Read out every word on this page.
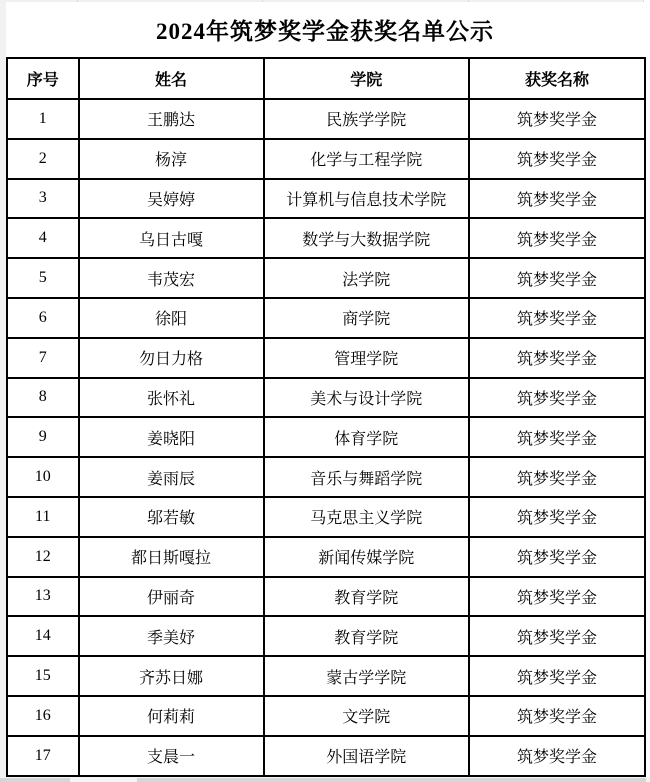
2024年筑梦奖学金获奖名单公示
序号	姓名	学院	获奖名称
1	王鹏达	民族学学院	筑梦奖学金
2	杨淳	化学与工程学院	筑梦奖学金
3	吴婷婷	计算机与信息技术学院	筑梦奖学金
4	乌日古嘎	数学与大数据学院	筑梦奖学金
5	韦茂宏	法学院	筑梦奖学金
6	徐阳	商学院	筑梦奖学金
7	勿日力格	管理学院	筑梦奖学金
8	张怀礼	美术与设计学院	筑梦奖学金
9	姜晓阳	体育学院	筑梦奖学金
10	姜雨辰	音乐与舞蹈学院	筑梦奖学金
11	邬若敏	马克思主义学院	筑梦奖学金
12	都日斯嘎拉	新闻传媒学院	筑梦奖学金
13	伊丽奇	教育学院	筑梦奖学金
14	季美妤	教育学院	筑梦奖学金
15	齐苏日娜	蒙古学学院	筑梦奖学金
16	何莉莉	文学院	筑梦奖学金
17	支晨一	外国语学院	筑梦奖学金
